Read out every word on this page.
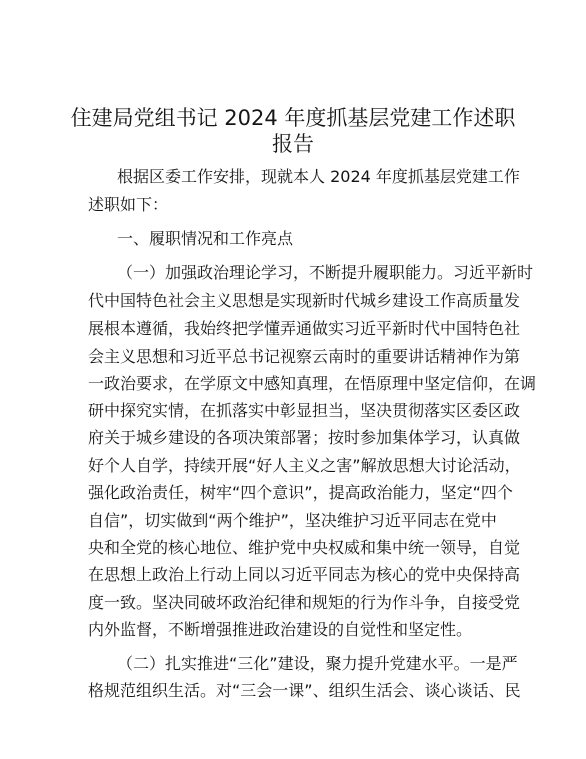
住建局党组书记 2024 年度抓基层党建工作述职
报告
根据区委工作安排，现就本人 2024 年度抓基层党建工作
述职如下：
一、履职情况和工作亮点
（一）加强政治理论学习，不断提升履职能力。习近平新时
代中国特色社会主义思想是实现新时代城乡建设工作高质量发
展根本遵循，我始终把学懂弄通做实习近平新时代中国特色社
会主义思想和习近平总书记视察云南时的重要讲话精神作为第
一政治要求，在学原文中感知真理，在悟原理中坚定信仰，在调
研中探究实情，在抓落实中彰显担当，坚决贯彻落实区委区政
府关于城乡建设的各项决策部署；按时参加集体学习，认真做
好个人自学，持续开展“好人主义之害”解放思想大讨论活动，
强化政治责任，树牢“四个意识”，提高政治能力，坚定“四个
自信”，切实做到“两个维护”，坚决维护习近平同志在党中
央和全党的核心地位、维护党中央权威和集中统一领导，自觉
在思想上政治上行动上同以习近平同志为核心的党中央保持高
度一致。坚决同破坏政治纪律和规矩的行为作斗争，自接受党
内外监督，不断增强推进政治建设的自觉性和坚定性。
（二）扎实推进“三化”建设，聚力提升党建水平。一是严
格规范组织生活。对“三会一课”、组织生活会、谈心谈话、民
